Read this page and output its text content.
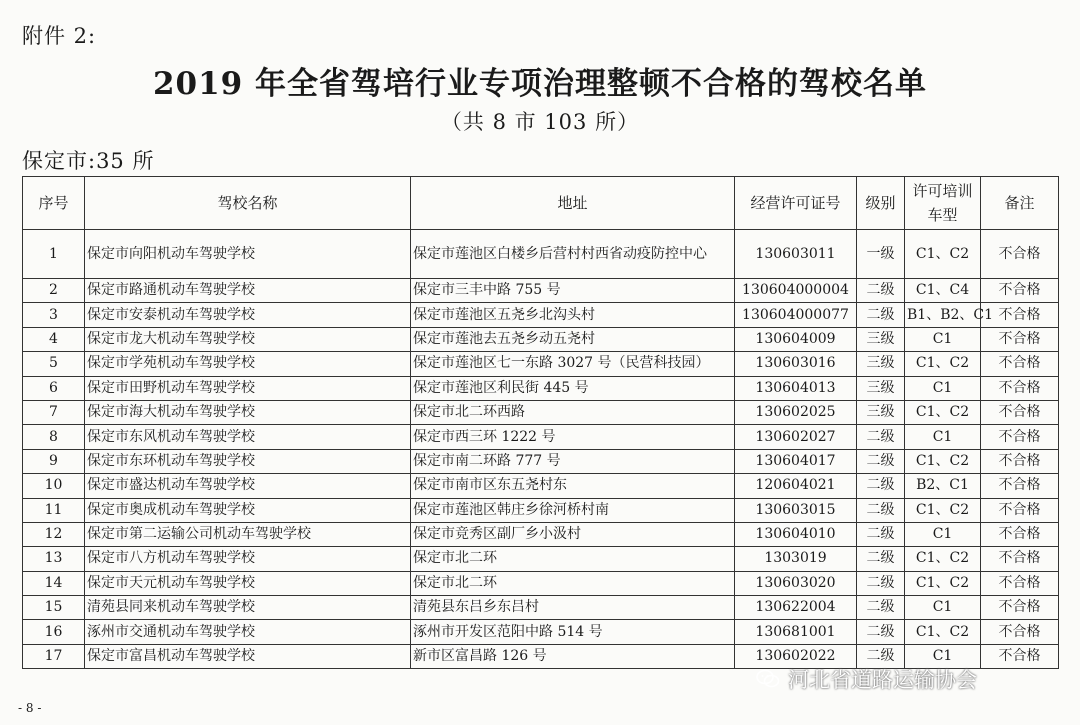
附件 2:
2019 年全省驾培行业专项治理整顿不合格的驾校名单
（共 8 市 103 所）
保定市:35 所
序号	驾校名称	地址	经营许可证号	级别	许可培训车型	备注
1	保定市向阳机动车驾驶学校	保定市莲池区白楼乡后营村村西省动疫防控中心	130603011	一级	C1、C2	不合格
2	保定市路通机动车驾驶学校	保定市三丰中路 755 号	130604000004	二级	C1、C4	不合格
3	保定市安泰机动车驾驶学校	保定市莲池区五尧乡北沟头村	130604000077	二级	B1、B2、C1	不合格
4	保定市龙大机动车驾驶学校	保定市莲池去五尧乡动五尧村	130604009	三级	C1	不合格
5	保定市学苑机动车驾驶学校	保定市莲池区七一东路 3027 号（民营科技园）	130603016	三级	C1、C2	不合格
6	保定市田野机动车驾驶学校	保定市莲池区利民街 445 号	130604013	三级	C1	不合格
7	保定市海大机动车驾驶学校	保定市北二环西路	130602025	三级	C1、C2	不合格
8	保定市东风机动车驾驶学校	保定市西三环 1222 号	130602027	二级	C1	不合格
9	保定市东环机动车驾驶学校	保定市南二环路 777 号	130604017	二级	C1、C2	不合格
10	保定市盛达机动车驾驶学校	保定市南市区东五尧村东	120604021	二级	B2、C1	不合格
11	保定市奥成机动车驾驶学校	保定市莲池区韩庄乡徐河桥村南	130603015	二级	C1、C2	不合格
12	保定市第二运输公司机动车驾驶学校	保定市竞秀区副厂乡小汲村	130604010	二级	C1	不合格
13	保定市八方机动车驾驶学校	保定市北二环	1303019	二级	C1、C2	不合格
14	保定市天元机动车驾驶学校	保定市北二环	130603020	二级	C1、C2	不合格
15	清苑县同来机动车驾驶学校	清苑县东吕乡东吕村	130622004	二级	C1	不合格
16	涿州市交通机动车驾驶学校	涿州市开发区范阳中路 514 号	130681001	二级	C1、C2	不合格
17	保定市富昌机动车驾驶学校	新市区富昌路 126 号	130602022	二级	C1	不合格
河北省道路运输协会
- 8 -
